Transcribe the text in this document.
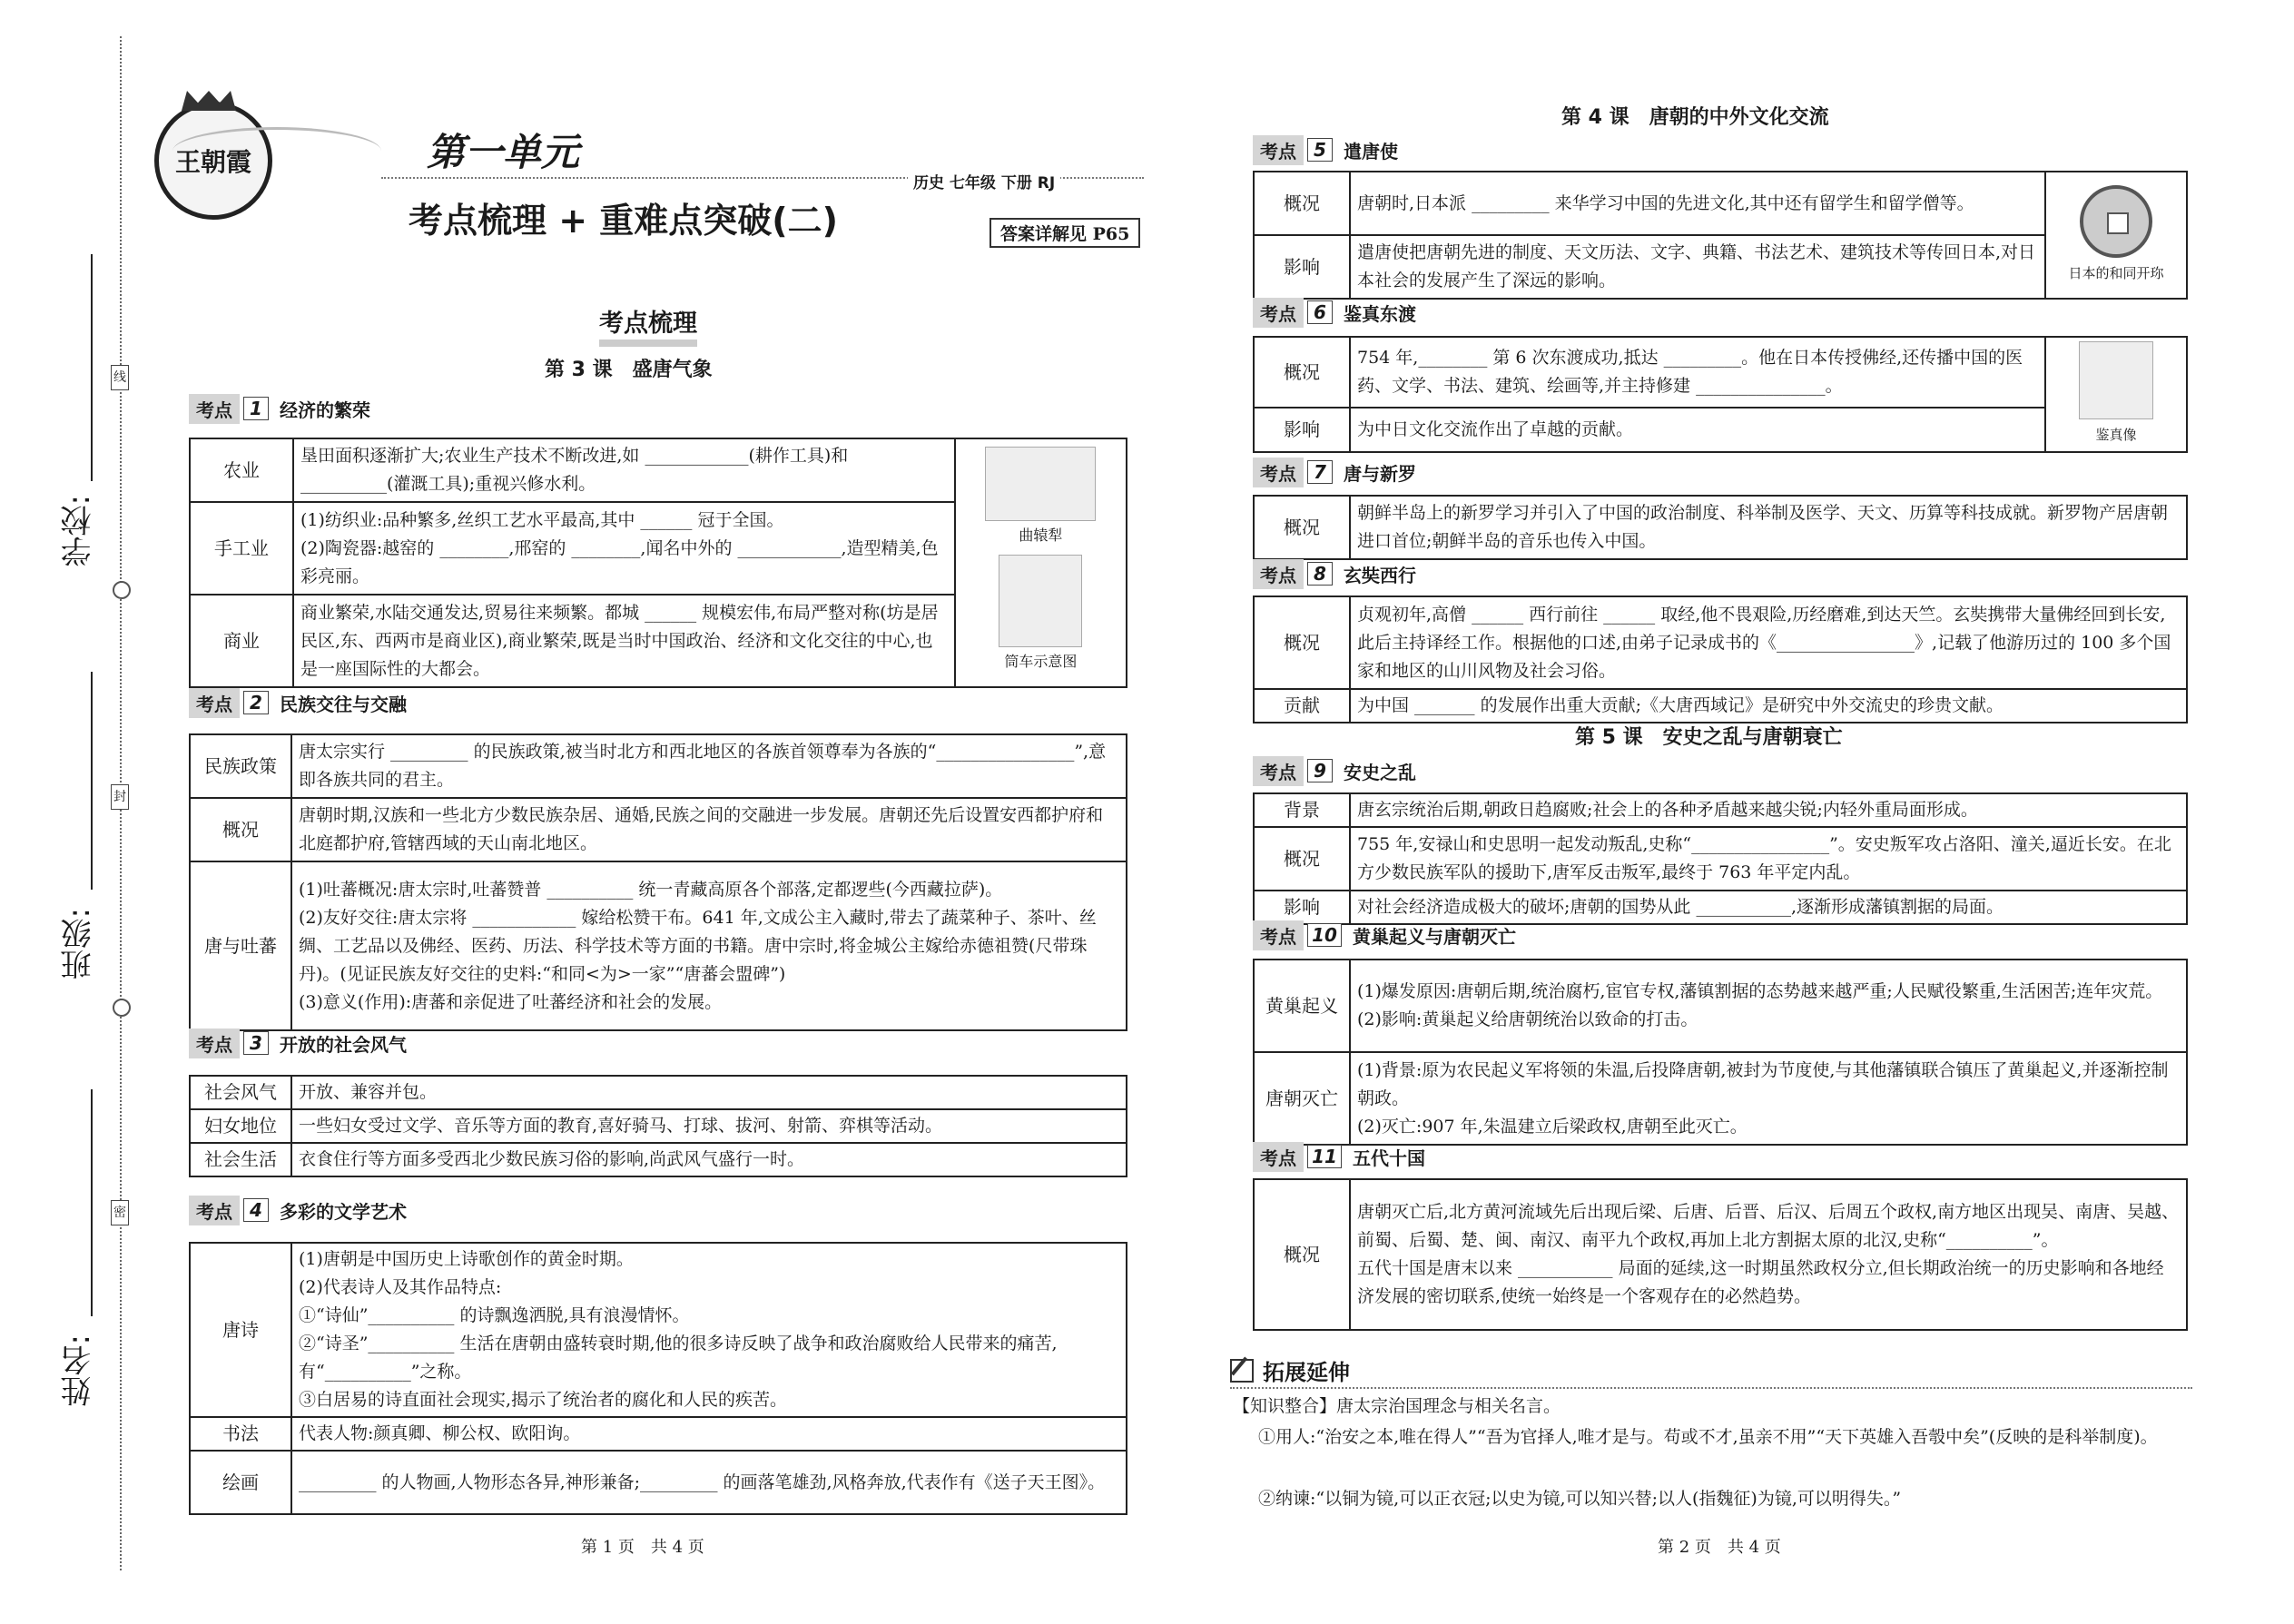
学校:
班级:
姓名:
线
封
密
王朝霞	第一单元
考点梳理 + 重难点突破(二)
历史 七年级 下册 RJ
答案详解见 P65
考点梳理
第 3 课　盛唐气象
考点 1 经济的繁荣
农业	垦田面积逐渐扩大;农业生产技术不断改进,如 ____________(耕作工具)和 __________(灌溉工具);重视兴修水利。	曲辕犁
筒车示意图

手工业	(1)纺织业:品种繁多,丝织工艺水平最高,其中 ______ 冠于全国。
(2)陶瓷器:越窑的 ________,邢窑的 ________,闻名中外的 ____________,造型精美,色彩亮丽。	
商业	商业繁荣,水陆交通发达,贸易往来频繁。都城 ______ 规模宏伟,布局严整对称(坊是居民区,东、西两市是商业区),商业繁荣,既是当时中国政治、经济和文化交往的中心,也是一座国际性的大都会。	
考点 2 民族交往与交融
民族政策	唐太宗实行 _________ 的民族政策,被当时北方和西北地区的各族首领尊奉为各族的“________________”,意即各族共同的君主。
概况	唐朝时期,汉族和一些北方少数民族杂居、通婚,民族之间的交融进一步发展。唐朝还先后设置安西都护府和北庭都护府,管辖西域的天山南北地区。
唐与吐蕃	(1)吐蕃概况:唐太宗时,吐蕃赞普 __________ 统一青藏高原各个部落,定都逻些(今西藏拉萨)。
(2)友好交往:唐太宗将 ____________ 嫁给松赞干布。641 年,文成公主入藏时,带去了蔬菜种子、茶叶、丝绸、工艺品以及佛经、医药、历法、科学技术等方面的书籍。唐中宗时,将金城公主嫁给赤德祖赞(尺带珠丹)。(见证民族友好交往的史料:“和同<为>一家”“唐蕃会盟碑”)
(3)意义(作用):唐蕃和亲促进了吐蕃经济和社会的发展。
考点 3 开放的社会风气
社会风气	开放、兼容并包。
妇女地位	一些妇女受过文学、音乐等方面的教育,喜好骑马、打球、拔河、射箭、弈棋等活动。
社会生活	衣食住行等方面多受西北少数民族习俗的影响,尚武风气盛行一时。
考点 4 多彩的文学艺术
唐诗	(1)唐朝是中国历史上诗歌创作的黄金时期。
(2)代表诗人及其作品特点:
①“诗仙”__________ 的诗飘逸洒脱,具有浪漫情怀。
②“诗圣”__________ 生活在唐朝由盛转衰时期,他的很多诗反映了战争和政治腐败给人民带来的痛苦,有“__________”之称。
③白居易的诗直面社会现实,揭示了统治者的腐化和人民的疾苦。
书法	代表人物:颜真卿、柳公权、欧阳询。
绘画	_________ 的人物画,人物形态各异,神形兼备;_________ 的画落笔雄劲,风格奔放,代表作有《送子天王图》。
第 1 页　共 4 页
第 4 课　唐朝的中外文化交流
考点 5 遣唐使
概况	唐朝时,日本派 _________ 来华学习中国的先进文化,其中还有留学生和留学僧等。	日本的和同开珎

影响	遣唐使把唐朝先进的制度、天文历法、文字、典籍、书法艺术、建筑技术等传回日本,对日本社会的发展产生了深远的影响。	
考点 6 鉴真东渡
概况	754 年,________ 第 6 次东渡成功,抵达 _________。他在日本传授佛经,还传播中国的医药、文学、书法、建筑、绘画等,并主持修建 _______________。	鉴真像

影响	为中日文化交流作出了卓越的贡献。	
考点 7 唐与新罗
概况	朝鲜半岛上的新罗学习并引入了中国的政治制度、科举制及医学、天文、历算等科技成就。新罗物产居唐朝进口首位;朝鲜半岛的音乐也传入中国。
考点 8 玄奘西行
概况	贞观初年,高僧 ______ 西行前往 ______ 取经,他不畏艰险,历经磨难,到达天竺。玄奘携带大量佛经回到长安,此后主持译经工作。根据他的口述,由弟子记录成书的《________________》,记载了他游历过的 100 多个国家和地区的山川风物及社会习俗。
贡献	为中国 _______ 的发展作出重大贡献;《大唐西域记》是研究中外交流史的珍贵文献。
第 5 课　安史之乱与唐朝衰亡
考点 9 安史之乱
背景	唐玄宗统治后期,朝政日趋腐败;社会上的各种矛盾越来越尖锐;内轻外重局面形成。
概况	755 年,安禄山和史思明一起发动叛乱,史称“________________”。安史叛军攻占洛阳、潼关,逼近长安。在北方少数民族军队的援助下,唐军反击叛军,最终于 763 年平定内乱。
影响	对社会经济造成极大的破坏;唐朝的国势从此 ___________,逐渐形成藩镇割据的局面。
考点 10 黄巢起义与唐朝灭亡
黄巢起义	(1)爆发原因:唐朝后期,统治腐朽,宦官专权,藩镇割据的态势越来越严重;人民赋役繁重,生活困苦;连年灾荒。
(2)影响:黄巢起义给唐朝统治以致命的打击。
唐朝灭亡	(1)背景:原为农民起义军将领的朱温,后投降唐朝,被封为节度使,与其他藩镇联合镇压了黄巢起义,并逐渐控制朝政。
(2)灭亡:907 年,朱温建立后梁政权,唐朝至此灭亡。
考点 11 五代十国
概况	唐朝灭亡后,北方黄河流域先后出现后梁、后唐、后晋、后汉、后周五个政权,南方地区出现吴、南唐、吴越、前蜀、后蜀、楚、闽、南汉、南平九个政权,再加上北方割据太原的北汉,史称“__________”。
五代十国是唐末以来 ___________ 局面的延续,这一时期虽然政权分立,但长期政治统一的历史影响和各地经济发展的密切联系,使统一始终是一个客观存在的必然趋势。
拓展延伸
【知识整合】唐太宗治国理念与相关名言。
①用人:“治安之本,唯在得人”“吾为官择人,唯才是与。苟或不才,虽亲不用”“天下英雄入吾彀中矣”(反映的是科举制度)。
②纳谏:“以铜为镜,可以正衣冠;以史为镜,可以知兴替;以人(指魏征)为镜,可以明得失。”
第 2 页　共 4 页
